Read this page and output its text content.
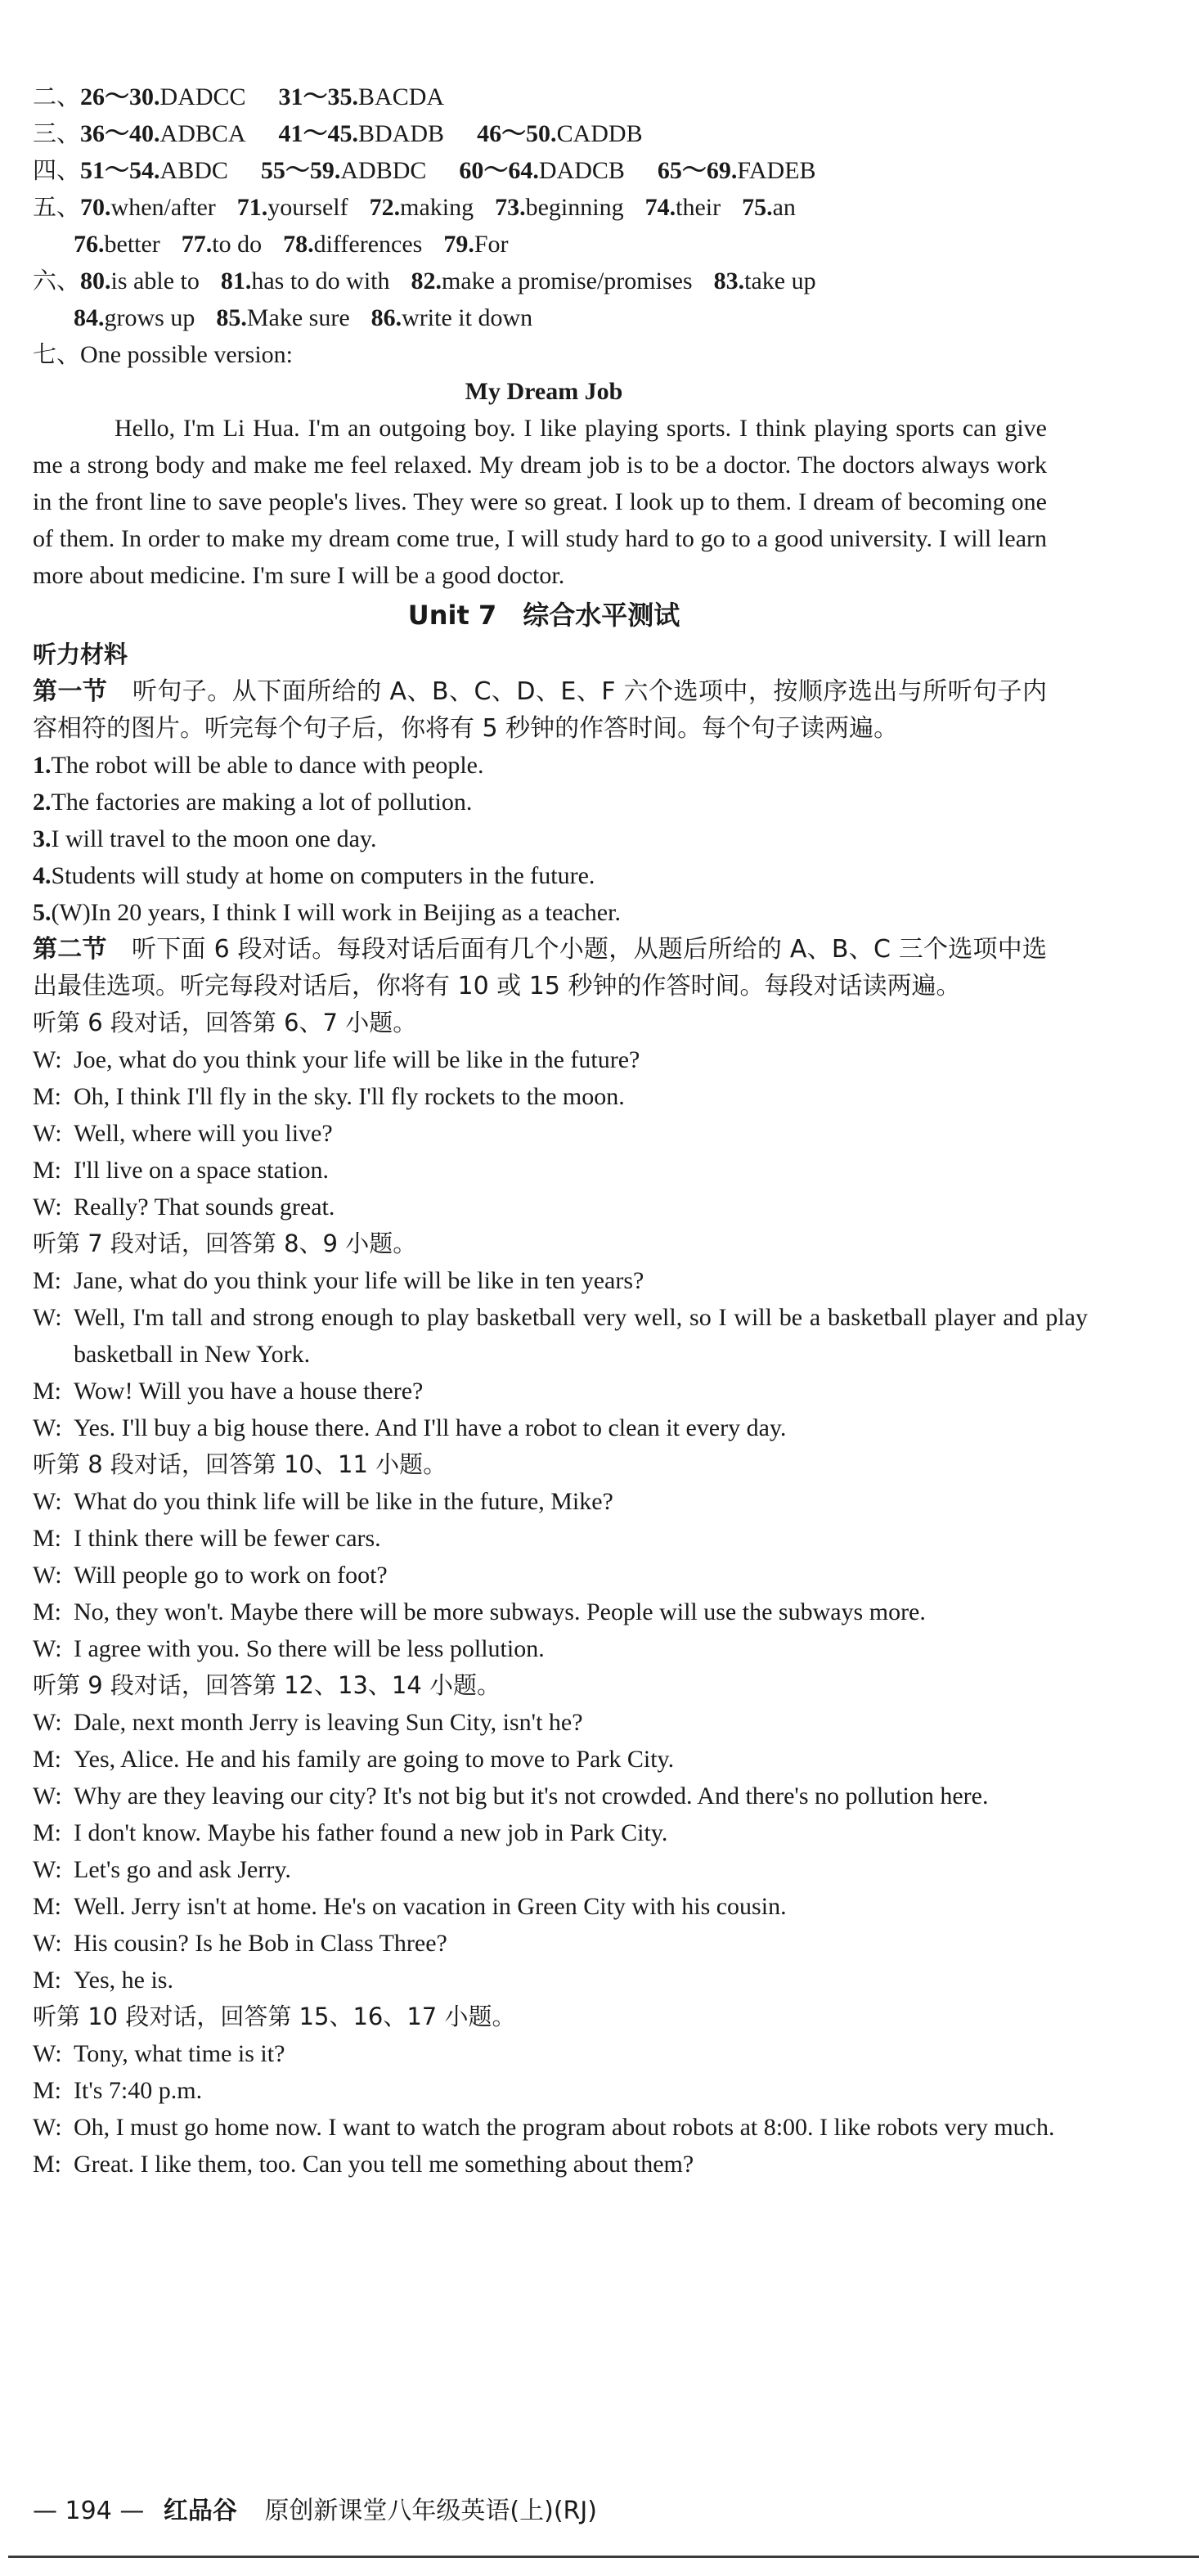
二、26～30.DADCC 31～35.BACDA
三、36～40.ADBCA 41～45.BDADB 46～50.CADDB
四、51～54.ABDC 55～59.ADBDC 60～64.DADCB 65～69.FADEB
五、70.when/after 71.yourself 72.making 73.beginning 74.their 75.an
76.better 77.to do 78.differences 79.For
六、80.is able to 81.has to do with 82.make a promise/promises 83.take up
84.grows up 85.Make sure 86.write it down
七、One possible version:
My Dream Job
Hello, I'm Li Hua. I'm an outgoing boy. I like playing sports. I think playing sports can give me a strong body and make me feel relaxed. My dream job is to be a doctor. The doctors always work in the front line to save people's lives. They were so great. I look up to them. I dream of becoming one of them. In order to make my dream come true, I will study hard to go to a good university. I will learn more about medicine. I'm sure I will be a good doctor.
Unit 7　综合水平测试
听力材料
第一节　 听句子。从下面所给的 A、B、C、D、E、F 六个选项中，按顺序选出与所听句子内容相符的图片。听完每个句子后，你将有 5 秒钟的作答时间。每个句子读两遍。
1.The robot will be able to dance with people.
2.The factories are making a lot of pollution.
3.I will travel to the moon one day.
4.Students will study at home on computers in the future.
5.(W)In 20 years, I think I will work in Beijing as a teacher.
第二节　 听下面 6 段对话。每段对话后面有几个小题，从题后所给的 A、B、C 三个选项中选出最佳选项。听完每段对话后，你将有 10 或 15 秒钟的作答时间。每段对话读两遍。
听第 6 段对话，回答第 6、7 小题。
W: Joe, what do you think your life will be like in the future?
M: Oh, I think I'll fly in the sky. I'll fly rockets to the moon.
W: Well, where will you live?
M: I'll live on a space station.
W: Really? That sounds great.
听第 7 段对话，回答第 8、9 小题。
M: Jane, what do you think your life will be like in ten years?
W: Well, I'm tall and strong enough to play basketball very well, so I will be a basketball player and play basketball in New York.
M: Wow! Will you have a house there?
W: Yes. I'll buy a big house there. And I'll have a robot to clean it every day.
听第 8 段对话，回答第 10、11 小题。
W: What do you think life will be like in the future, Mike?
M: I think there will be fewer cars.
W: Will people go to work on foot?
M: No, they won't. Maybe there will be more subways. People will use the subways more.
W: I agree with you. So there will be less pollution.
听第 9 段对话，回答第 12、13、14 小题。
W: Dale, next month Jerry is leaving Sun City, isn't he?
M: Yes, Alice. He and his family are going to move to Park City.
W: Why are they leaving our city? It's not big but it's not crowded. And there's no pollution here.
M: I don't know. Maybe his father found a new job in Park City.
W: Let's go and ask Jerry.
M: Well. Jerry isn't at home. He's on vacation in Green City with his cousin.
W: His cousin? Is he Bob in Class Three?
M: Yes, he is.
听第 10 段对话，回答第 15、16、17 小题。
W: Tony, what time is it?
M: It's 7:40 p.m.
W: Oh, I must go home now. I want to watch the program about robots at 8:00. I like robots very much.
M: Great. I like them, too. Can you tell me something about them?
— 194 — 红品谷 原创新课堂八年级英语(上)(RJ)
